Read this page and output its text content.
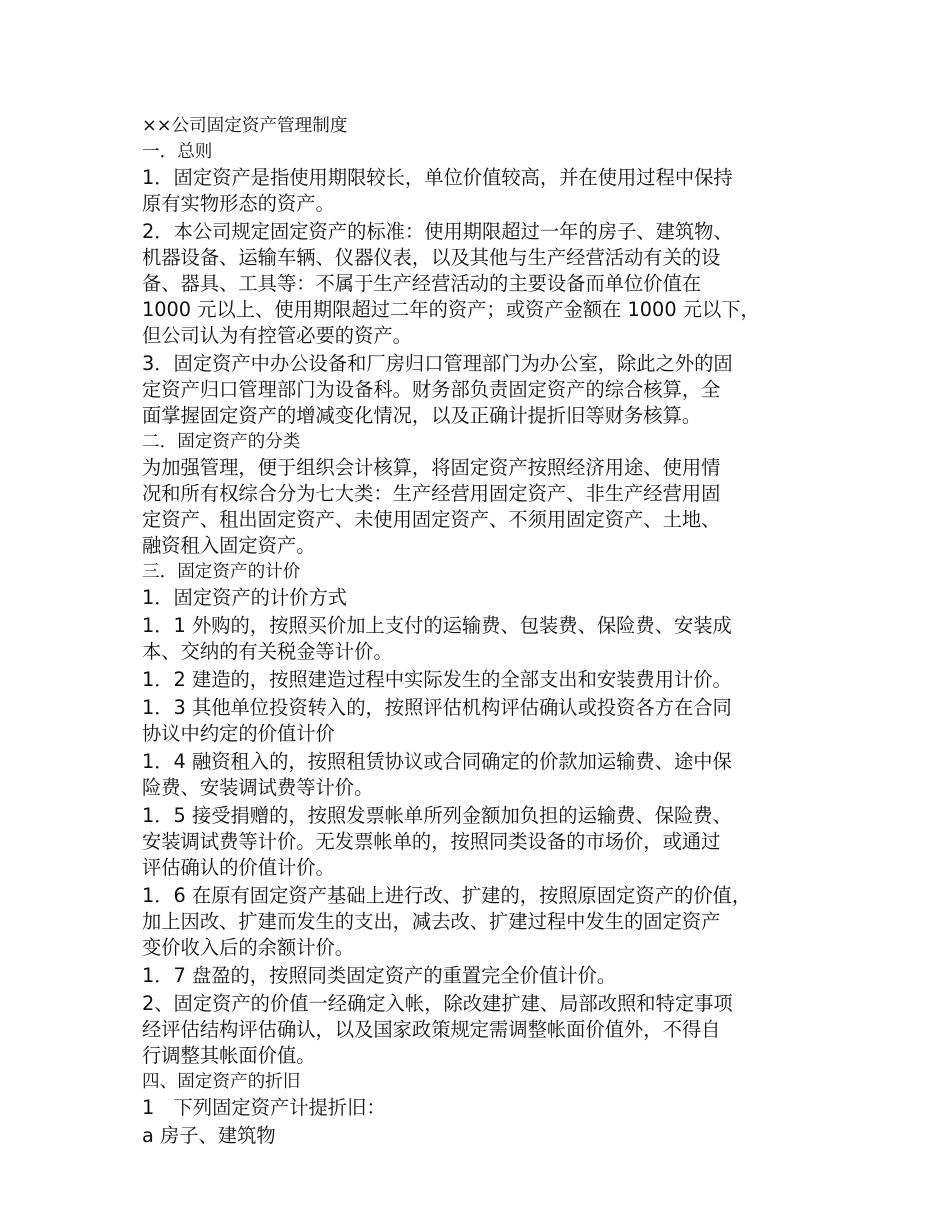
××公司固定资产管理制度

一．总则

1．固定资产是指使用期限较长，单位价值较高，并在使用过程中保持

原有实物形态的资产。

2．本公司规定固定资产的标准：使用期限超过一年的房子、建筑物、

机器设备、运输车辆、仪器仪表，以及其他与生产经营活动有关的设

备、器具、工具等：不属于生产经营活动的主要设备而单位价值在

1000 元以上、使用期限超过二年的资产；或资产金额在 1000 元以下，

但公司认为有控管必要的资产。

3．固定资产中办公设备和厂房归口管理部门为办公室，除此之外的固

定资产归口管理部门为设备科。财务部负责固定资产的综合核算，全

面掌握固定资产的增减变化情况，以及正确计提折旧等财务核算。

二．固定资产的分类

为加强管理，便于组织会计核算，将固定资产按照经济用途、使用情

况和所有权综合分为七大类：生产经营用固定资产、非生产经营用固

定资产、租出固定资产、未使用固定资产、不须用固定资产、土地、

融资租入固定资产。

三．固定资产的计价

1．固定资产的计价方式

1．1 外购的，按照买价加上支付的运输费、包装费、保险费、安装成

本、交纳的有关税金等计价。

1．2 建造的，按照建造过程中实际发生的全部支出和安装费用计价。

1．3 其他单位投资转入的，按照评估机构评估确认或投资各方在合同

协议中约定的价值计价

1．4 融资租入的，按照租赁协议或合同确定的价款加运输费、途中保

险费、安装调试费等计价。

1．5 接受捐赠的，按照发票帐单所列金额加负担的运输费、保险费、

安装调试费等计价。无发票帐单的，按照同类设备的市场价，或通过

评估确认的价值计价。

1．6 在原有固定资产基础上进行改、扩建的，按照原固定资产的价值，

加上因改、扩建而发生的支出，减去改、扩建过程中发生的固定资产

变价收入后的余额计价。

1．7 盘盈的，按照同类固定资产的重置完全价值计价。

2、固定资产的价值一经确定入帐，除改建扩建、局部改照和特定事项

经评估结构评估确认，以及国家政策规定需调整帐面价值外，不得自

行调整其帐面价值。

四、固定资产的折旧

1　下列固定资产计提折旧：

a 房子、建筑物
